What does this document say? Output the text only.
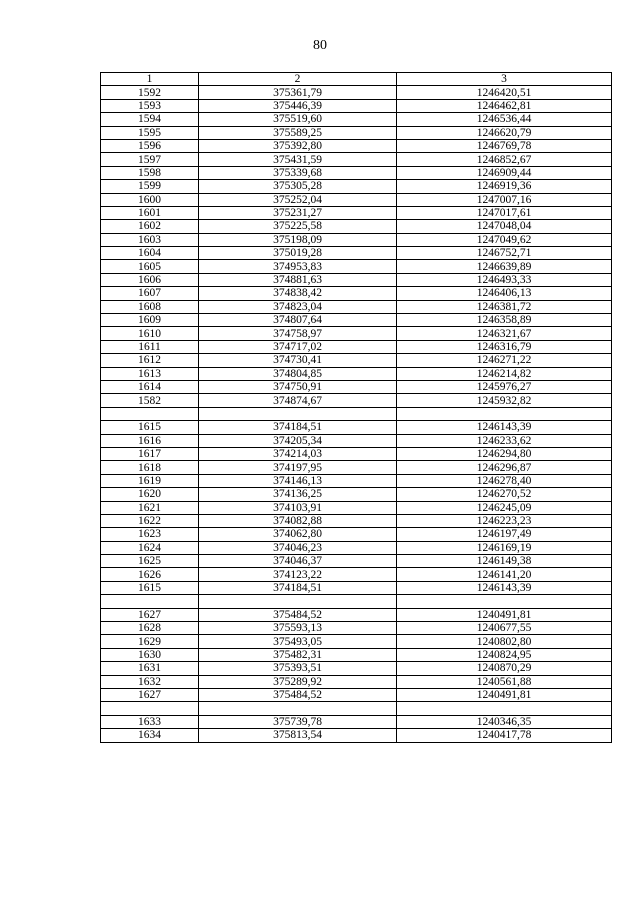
80
1	2	3
1592	375361,79	1246420,51
1593	375446,39	1246462,81
1594	375519,60	1246536,44
1595	375589,25	1246620,79
1596	375392,80	1246769,78
1597	375431,59	1246852,67
1598	375339,68	1246909,44
1599	375305,28	1246919,36
1600	375252,04	1247007,16
1601	375231,27	1247017,61
1602	375225,58	1247048,04
1603	375198,09	1247049,62
1604	375019,28	1246752,71
1605	374953,83	1246639,89
1606	374881,63	1246493,33
1607	374838,42	1246406,13
1608	374823,04	1246381,72
1609	374807,64	1246358,89
1610	374758,97	1246321,67
1611	374717,02	1246316,79
1612	374730,41	1246271,22
1613	374804,85	1246214,82
1614	374750,91	1245976,27
1582	374874,67	1245932,82

1615	374184,51	1246143,39
1616	374205,34	1246233,62
1617	374214,03	1246294,80
1618	374197,95	1246296,87
1619	374146,13	1246278,40
1620	374136,25	1246270,52
1621	374103,91	1246245,09
1622	374082,88	1246223,23
1623	374062,80	1246197,49
1624	374046,23	1246169,19
1625	374046,37	1246149,38
1626	374123,22	1246141,20
1615	374184,51	1246143,39

1627	375484,52	1240491,81
1628	375593,13	1240677,55
1629	375493,05	1240802,80
1630	375482,31	1240824,95
1631	375393,51	1240870,29
1632	375289,92	1240561,88
1627	375484,52	1240491,81

1633	375739,78	1240346,35
1634	375813,54	1240417,78
